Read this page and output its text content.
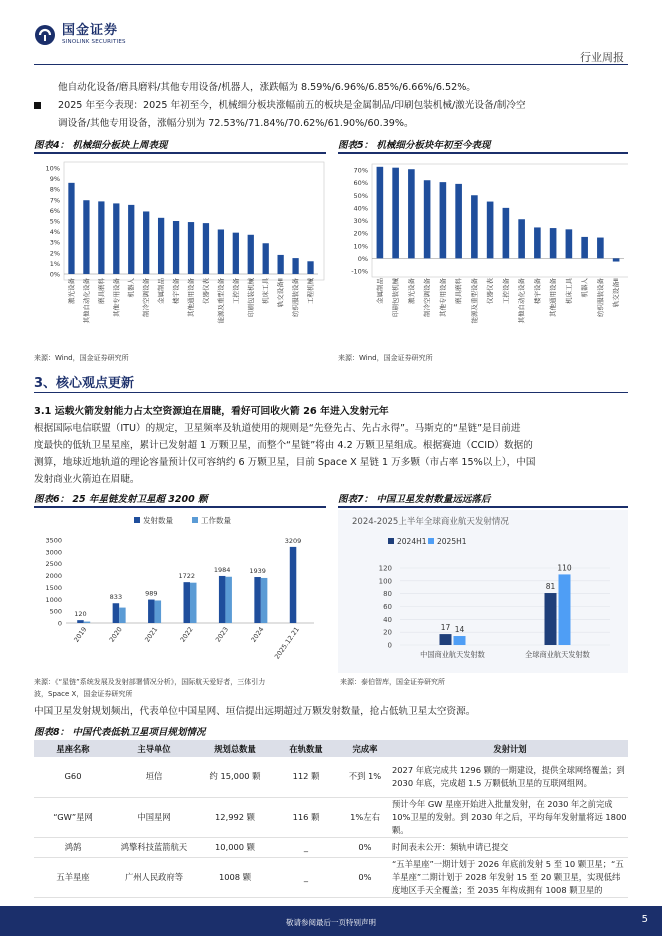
国金证券
SINOLINK SECURITIES
行业周报
他自动化设备/磨具磨料/其他专用设备/机器人，涨跌幅为 8.59%/6.96%/6.85%/6.66%/6.52%。
2025 年至今表现：2025 年初至今，机械细分板块涨幅前五的板块是金属制品/印刷包装机械/激光设备/制冷空
调设备/其他专用设备，涨幅分别为 72.53%/71.84%/70.62%/61.90%/60.39%。
图表4： 机械细分板块上周表现
0%
1%
2%
3%
4%
5%
6%
7%
8%
9%
10%
激光设备 其他自动化设备 磨具磨料 其他专用设备 机器人 制冷空调设备 金属制品 楼宇设备 其他通用设备 仪器仪表 能源及重型设备 工控设备 印刷包装机械 机床工具 轨交设备Ⅱ 纺织服装设备 工程机械
来源：Wind，国金证券研究所
图表5： 机械细分板块年初至今表现
-10%
0%
10%
20%
30%
40%
50%
60%
70%
金属制品 印刷包装机械 激光设备 制冷空调设备 其他专用设备 磨具磨料 能源及重型设备 仪器仪表 工控设备 其他自动化设备 楼宇设备 其他通用设备 机床工具 机器人 纺织服装设备 轨交设备Ⅱ
来源：Wind，国金证券研究所
3、核心观点更新
3.1 运载火箭发射能力占太空资源迫在眉睫，看好可回收火箭 26 年进入发射元年
根据国际电信联盟（ITU）的规定，卫星频率及轨道使用的规则是“先登先占、先占永得”。马斯克的“星链”是目前进
度最快的低轨卫星星座，累计已发射超 1 万颗卫星，而整个“星链”将由 4.2 万颗卫星组成。根据赛迪（CCID）数据的
测算，地球近地轨道的理论容量预计仅可容纳约 6 万颗卫星，目前 Space X 星链 1 万多颗（市占率 15%以上），中国
发射商业火箭迫在眉睫。
图表6： 25 年星链发射卫星超 3200 颗
发射数量	工作数量
0
500
1000
1500
2000
2500
3000
3500
120
2019
833
2020
989
2021
1722
2022
1984
2023
1939
2024
3209
2025.12.21
来源：《“星链”系统发展及发射部署情况分析》，国际航天爱好者，三体引力
波，Space X，国金证券研究所
图表7： 中国卫星发射数量远远落后
2024-2025上半年全球商业航天发射情况
2024H1 2025H1
0
20
40
60
80
100
120
17 14
中国商业航天发射数
81
110
全球商业航天发射数
来源：泰伯智库，国金证券研究所
中国卫星发射规划频出，代表单位中国星网、垣信提出远期超过万颗发射数量，抢占低轨卫星太空资源。
图表8： 中国代表低轨卫星项目规划情况
星座名称	主导单位	规划总数量	在轨数量	完成率	发射计划
G60	垣信	约 15,000 颗	112 颗	不到 1%	2027 年底完成共 1296 颗的一期建设，提供全球网络覆盖；到 2030 年底，完成超 1.5 万颗低轨卫星的互联网组网。
“GW”星网	中国星网	12,992 颗	116 颗	1%左右	预计今年 GW 星座开始进入批量发射，在 2030 年之前完成 10%卫星的发射。到 2030 年之后，平均每年发射量将远 1800 颗。
鸿鹄	鸿擎科技蓝箭航天	10,000 颗	_	0%	时间表未公开：频轨申请已提交
五羊星座	广州人民政府等	1008 颗	_	0%	“五羊星座”一期计划于 2026 年底前发射 5 至 10 颗卫星；“五羊星座”二期计划于 2028 年发射 15 至 20 颗卫星，实现低纬度地区手天全覆盖；至 2035 年构成拥有 1008 颗卫星的
敬请参阅最后一页特别声明	5
